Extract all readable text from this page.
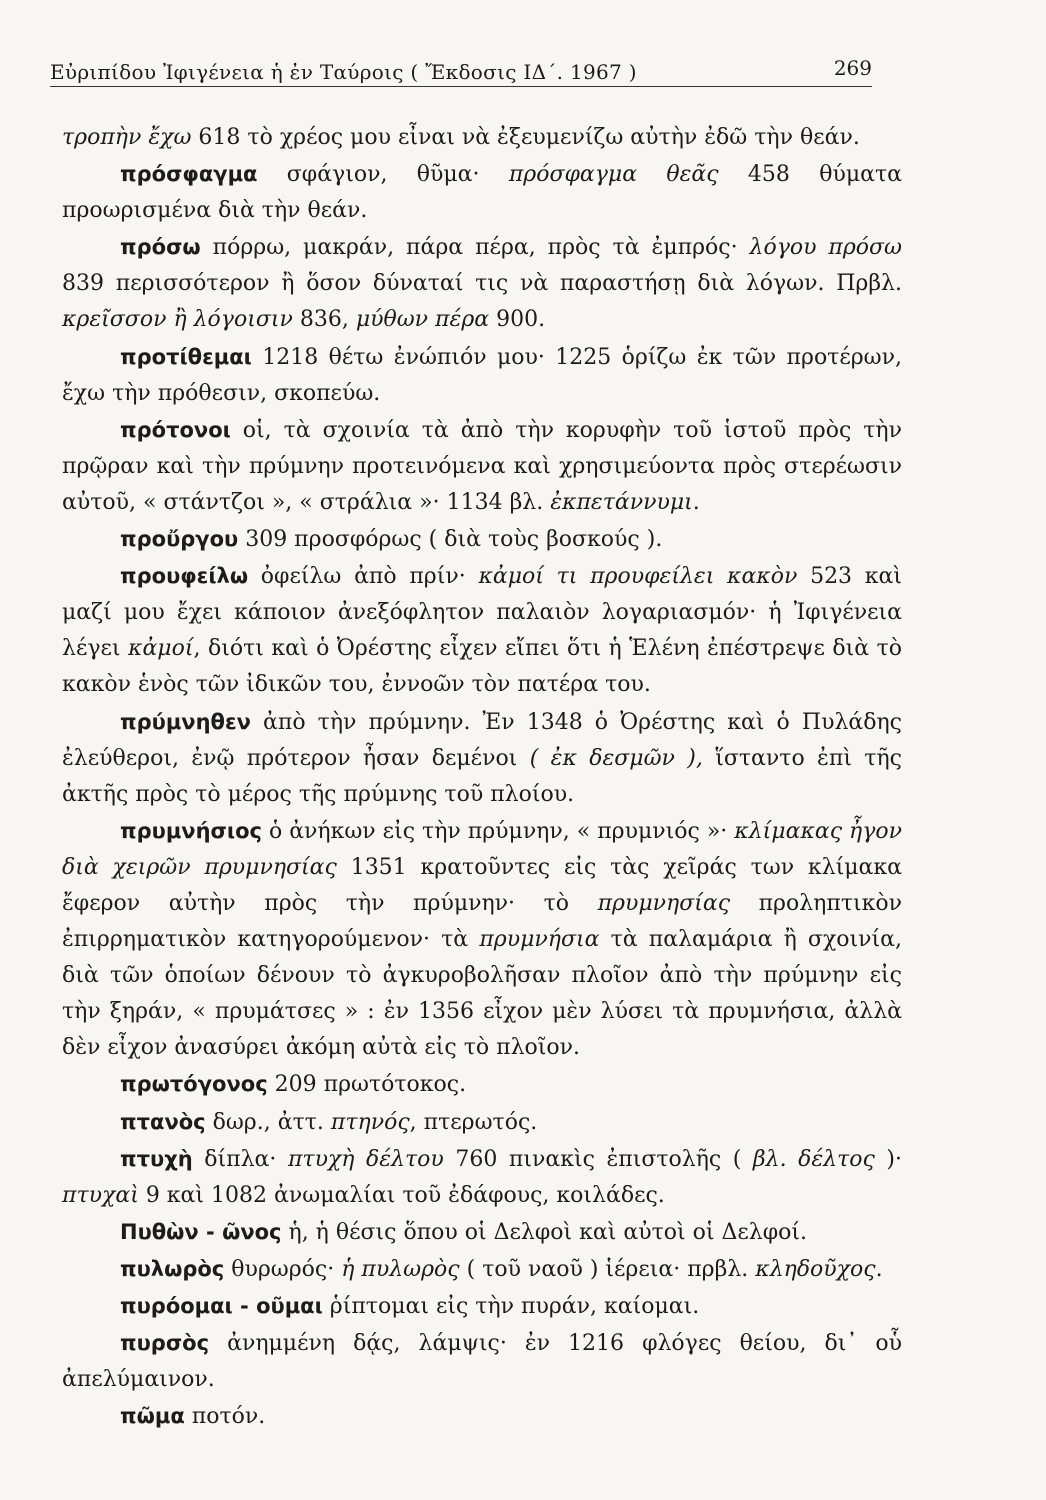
Εὐριπίδου Ἰφιγένεια ἡ ἐν Ταύροις ( Ἔκδοσις ΙΔ΄. 1967 )	269

τροπὴν ἔχω 618 τὸ χρέος μου εἶναι νὰ ἐξευμενίζω αὐτὴν ἐδῶ τὴν θεάν.

πρόσφαγμα σφάγιον, θῦμα· πρόσφαγμα θεᾶς 458 θύματα προωρισμένα διὰ τὴν θεάν.

πρόσω πόρρω, μακράν, πάρα πέρα, πρὸς τὰ ἐμπρός· λόγου πρόσω 839 περισσότερον ἢ ὅσον δύναταί τις νὰ παραστήσῃ διὰ λόγων. Πρβλ. κρεῖσσον ἢ λόγοισιν 836, μύθων πέρα 900.

προτίθεμαι 1218 θέτω ἐνώπιόν μου· 1225 ὁρίζω ἐκ τῶν προτέρων, ἔχω τὴν πρόθεσιν, σκοπεύω.

πρότονοι οἱ, τὰ σχοινία τὰ ἀπὸ τὴν κορυφὴν τοῦ ἱστοῦ πρὸς τὴν πρῷραν καὶ τὴν πρύμνην προτεινόμενα καὶ χρησιμεύοντα πρὸς στερέωσιν αὐτοῦ, « στάντζοι », « στράλια »· 1134 βλ. ἐκπετάννυμι.

προὔργου 309 προσφόρως ( διὰ τοὺς βοσκούς ).

προυφείλω ὀφείλω ἀπὸ πρίν· κἀμοί τι προυφείλει κακὸν 523 καὶ μαζί μου ἔχει κάποιον ἀνεξόφλητον παλαιὸν λογαριασμόν· ἡ Ἰφιγένεια λέγει κἀμοί, διότι καὶ ὁ Ὀρέστης εἶχεν εἴπει ὅτι ἡ Ἑλένη ἐπέστρεψε διὰ τὸ κακὸν ἑνὸς τῶν ἰδικῶν του, ἐννοῶν τὸν πατέρα του.

πρύμνηθεν ἀπὸ τὴν πρύμνην. Ἐν 1348 ὁ Ὀρέστης καὶ ὁ Πυλάδης ἐλεύθεροι, ἐνῷ πρότερον ἦσαν δεμένοι ( ἐκ δεσμῶν ), ἵσταντο ἐπὶ τῆς ἀκτῆς πρὸς τὸ μέρος τῆς πρύμνης τοῦ πλοίου.

πρυμνήσιος ὁ ἀνήκων εἰς τὴν πρύμνην, « πρυμνιός »· κλίμακας ἦγον διὰ χειρῶν πρυμνησίας 1351 κρατοῦντες εἰς τὰς χεῖράς των κλίμακα ἔφερον αὐτὴν πρὸς τὴν πρύμνην· τὸ πρυμνησίας προληπτικὸν ἐπιρρηματικὸν κατηγορούμενον· τὰ πρυμνήσια τὰ παλαμάρια ἢ σχοινία, διὰ τῶν ὁποίων δένουν τὸ ἀγκυροβολῆσαν πλοῖον ἀπὸ τὴν πρύμνην εἰς τὴν ξηράν, « πρυμάτσες » : ἐν 1356 εἶχον μὲν λύσει τὰ πρυμνήσια, ἀλλὰ δὲν εἶχον ἀνασύρει ἀκόμη αὐτὰ εἰς τὸ πλοῖον.

πρωτόγονος 209 πρωτότοκος.

πτανὸς δωρ., ἀττ. πτηνός, πτερωτός.

πτυχὴ δίπλα· πτυχὴ δέλτου 760 πινακὶς ἐπιστολῆς ( βλ. δέλτος )· πτυχαὶ 9 καὶ 1082 ἀνωμαλίαι τοῦ ἐδάφους, κοιλάδες.

Πυθὼν - ῶνος ἡ, ἡ θέσις ὅπου οἱ Δελφοὶ καὶ αὐτοὶ οἱ Δελφοί.

πυλωρὸς θυρωρός· ἡ πυλωρὸς ( τοῦ ναοῦ ) ἱέρεια· πρβλ. κληδοῦχος.

πυρόομαι - οῦμαι ῥίπτομαι εἰς τὴν πυράν, καίομαι.

πυρσὸς ἀνημμένη δᾴς, λάμψις· ἐν 1216 φλόγες θείου, δι᾿ οὗ ἀπελύμαινον.

πῶμα ποτόν.
